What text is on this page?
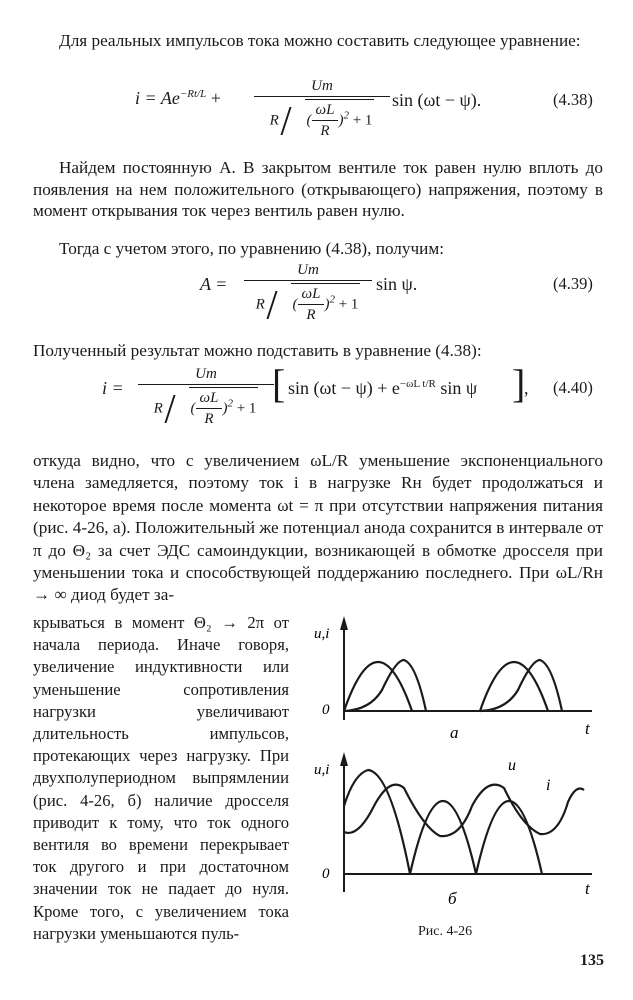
Для реальных импульсов тока можно составить следующее уравнение:

$i = Ae^{-Rt/L} + \frac{Um}{R ( \frac{\omega L}{R} )^2 + 1}$ sin (ωt − ψ).	(4.38)

Найдем постоянную A. В закрытом вентиле ток равен нулю вплоть до появления на нем положительного (открывающего) напряжения, поэтому в момент открывания ток через вентиль равен нулю.

Тогда с учетом этого, по уравнению (4.38), получим:

$A = \frac{Um}{R ( \frac{\omega L}{R} )^2 + 1}$ sin ψ.	(4.39)

Полученный результат можно подставить в уравнение (4.38):

$i = \frac{Um}{R ( \frac{\omega L}{R} )^2 + 1}$
[ $\sin (\omega t - \psi) + e^{-\omega L t/R}$ sin ψ ]
, (4.40)

откуда видно, что с увеличением ωL/R уменьшение экспоненциального члена замедляется, поэтому ток i в нагрузке Rн будет продолжаться и некоторое время после момента ωt = π при отсутствии напряжения питания (рис. 4-26, а). Положительный же потенциал анода сохранится в интервале от π до Θ₂ за счет ЭДС самоиндукции, возникающей в обмотке дросселя при уменьшении тока и способствующей поддержанию последнего. При ωL/Rн → ∞ диод будет за-

крываться в момент Θ₂ → 2π от начала периода. Иначе говоря, увеличение индуктивности или уменьшение сопротивления нагрузки увеличивают длительность импульсов, протекающих через нагрузку. При двухполупериодном выпрямлении (рис. 4-26, б) наличие дросселя приводит к тому, что ток одного вентиля во времени перекрывает ток другого и при достаточном значении ток не падает до нуля. Кроме того, с увеличением тока нагрузки уменьшаются пуль-

u,i
0
t
а
u,i
0
t
б
u
i
Рис. 4-26
135
